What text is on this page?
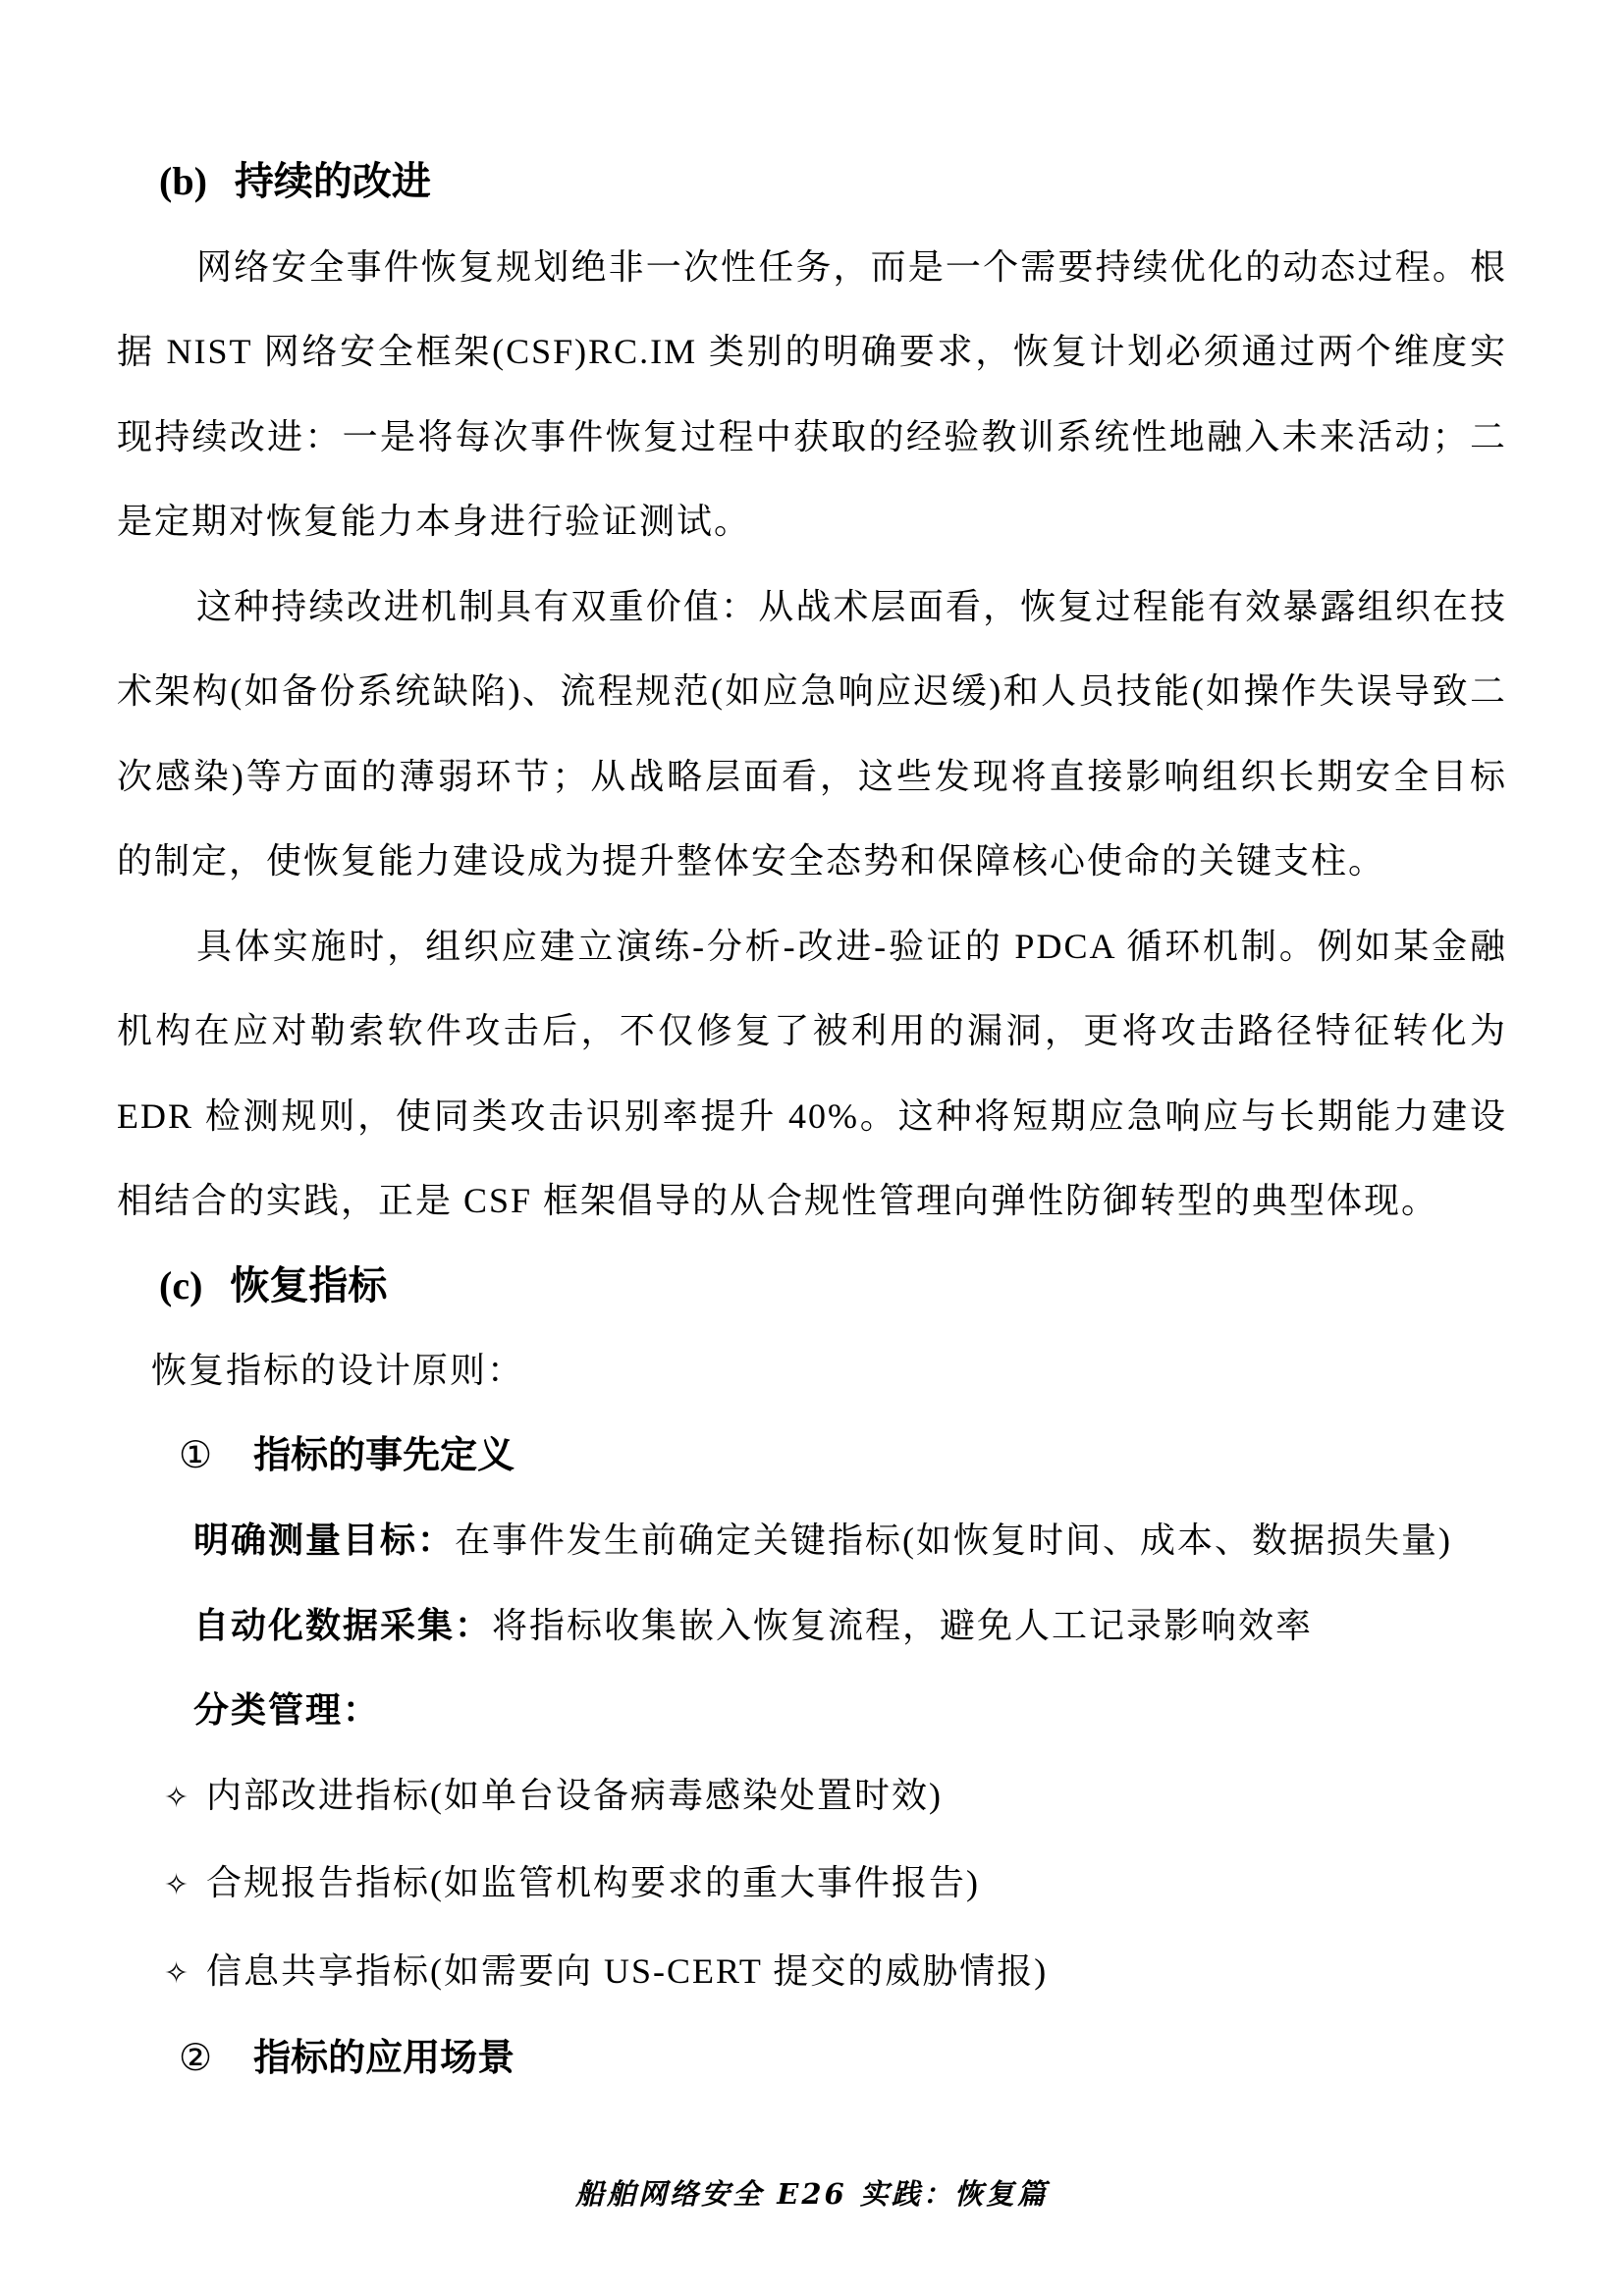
(b) 持续的改进

网络安全事件恢复规划绝非一次性任务，而是一个需要持续优化的动态过程。根据 NIST 网络安全框架(CSF)RC.IM 类别的明确要求，恢复计划必须通过两个维度实现持续改进：一是将每次事件恢复过程中获取的经验教训系统性地融入未来活动；二是定期对恢复能力本身进行验证测试。

这种持续改进机制具有双重价值：从战术层面看，恢复过程能有效暴露组织在技术架构(如备份系统缺陷)、流程规范(如应急响应迟缓)和人员技能(如操作失误导致二次感染)等方面的薄弱环节；从战略层面看，这些发现将直接影响组织长期安全目标的制定，使恢复能力建设成为提升整体安全态势和保障核心使命的关键支柱。

具体实施时，组织应建立演练-分析-改进-验证的 PDCA 循环机制。例如某金融机构在应对勒索软件攻击后，不仅修复了被利用的漏洞，更将攻击路径特征转化为 EDR 检测规则，使同类攻击识别率提升 40%。这种将短期应急响应与长期能力建设相结合的实践，正是 CSF 框架倡导的从合规性管理向弹性防御转型的典型体现。

(c) 恢复指标

恢复指标的设计原则：

① 指标的事先定义

明确测量目标：在事件发生前确定关键指标(如恢复时间、成本、数据损失量)

自动化数据采集：将指标收集嵌入恢复流程，避免人工记录影响效率

分类管理：

✧ 内部改进指标(如单台设备病毒感染处置时效)
✧ 合规报告指标(如监管机构要求的重大事件报告)
✧ 信息共享指标(如需要向 US-CERT 提交的威胁情报)
② 指标的应用场景
船舶网络安全 E26 实践：恢复篇
